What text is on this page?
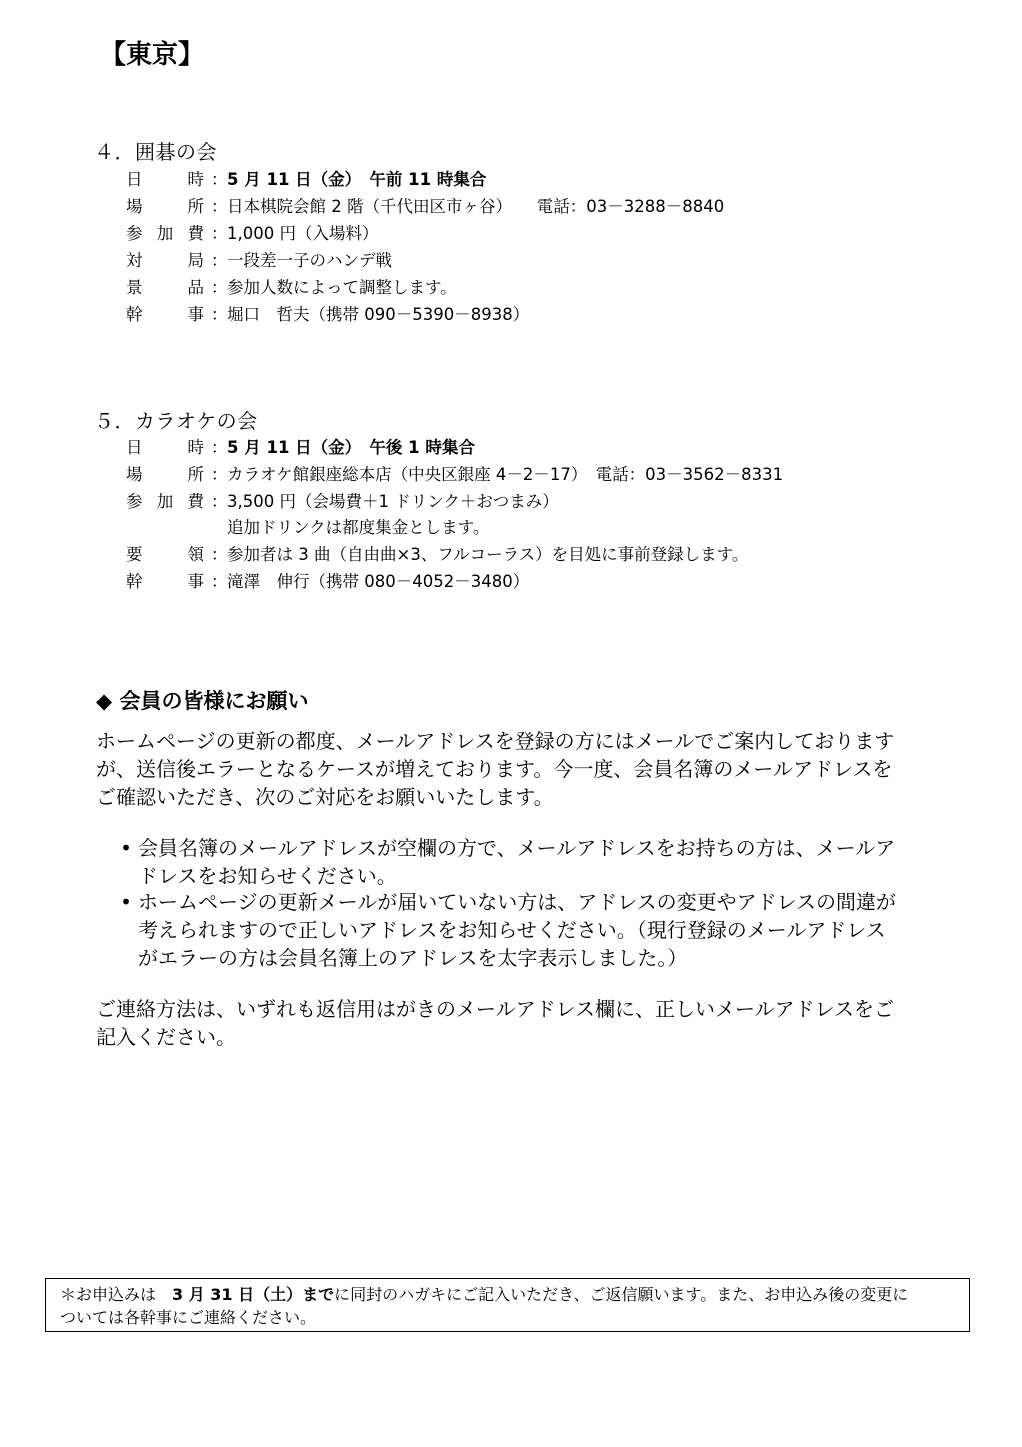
【東京】
４．囲碁の会
日	時 ： 5 月 11 日（金）　午前 11 時集合
場	所 ： 日本棋院会館 2 階（千代田区市ヶ谷）　　電話：03－3288－8840
参 加 費 ： 1,000 円（入場料）
対	局 ： 一段差一子のハンデ戦
景	品 ： 参加人数によって調整します。
幹	事 ： 堀口　哲夫（携帯 090－5390－8938）
５．カラオケの会
日	時 ： 5 月 11 日（金）　午後 1 時集合
場	所 ： カラオケ館銀座総本店（中央区銀座 4－2－17）　電話：03－3562－8331
参 加 費 ： 3,500 円（会場費＋1 ドリンク＋おつまみ）
追加ドリンクは都度集金とします。
要	領 ： 参加者は 3 曲（自由曲×3、フルコーラス）を目処に事前登録します。
幹	事 ： 滝澤　伸行（携帯 080－4052－3480）
◆ 会員の皆様にお願い
ホームページの更新の都度、メールアドレスを登録の方にはメールでご案内しております
が、送信後エラーとなるケースが増えております。今一度、会員名簿のメールアドレスを
ご確認いただき、次のご対応をお願いいたします。
• 会員名簿のメールアドレスが空欄の方で、メールアドレスをお持ちの方は、メールア
ドレスをお知らせください。
• ホームページの更新メールが届いていない方は、アドレスの変更やアドレスの間違が
考えられますので正しいアドレスをお知らせください。（現行登録のメールアドレス
がエラーの方は会員名簿上のアドレスを太字表示しました。）
ご連絡方法は、いずれも返信用はがきのメールアドレス欄に、正しいメールアドレスをご
記入ください。
＊お申込みは　3 月 31 日（土）までに同封のハガキにご記入いただき、ご返信願います。また、お申込み後の変更に
ついては各幹事にご連絡ください。
